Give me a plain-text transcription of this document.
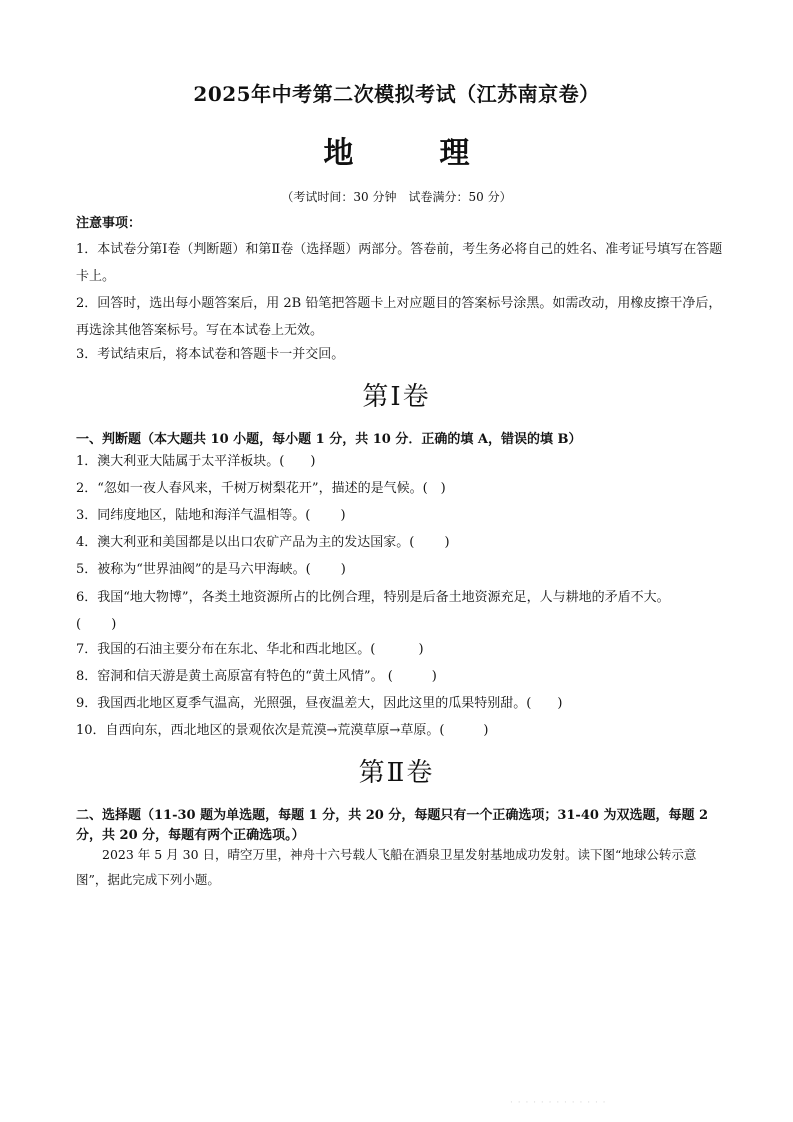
2025年中考第二次模拟考试（江苏南京卷）
地　理
（考试时间：30 分钟　试卷满分：50 分）
注意事项：
1．本试卷分第Ⅰ卷（判断题）和第Ⅱ卷（选择题）两部分。答卷前，考生务必将自己的姓名、准考证号填写在答题卡上。
2．回答时，选出每小题答案后，用 2B 铅笔把答题卡上对应题目的答案标号涂黑。如需改动，用橡皮擦干净后，再选涂其他答案标号。写在本试卷上无效。
3．考试结束后，将本试卷和答题卡一并交回。
第Ⅰ卷
一、判断题（本大题共 10 小题，每小题 1 分，共 10 分．正确的填 A，错误的填 B）
1．澳大利亚大陆属于太平洋板块。(　　)
2．“忽如一夜人春风来，千树万树梨花开”，描述的是气候。(　)
3．同纬度地区，陆地和海洋气温相等。(　　 )
4．澳大利亚和美国都是以出口农矿产品为主的发达国家。(　　 )
5．被称为“世界油阀”的是马六甲海峡。(　　 )
6．我国“地大物博”，各类土地资源所占的比例合理，特别是后备土地资源充足，人与耕地的矛盾不大。
(　　 )
7．我国的石油主要分布在东北、华北和西北地区。(　　 　)
8．窑洞和信天游是黄土高原富有特色的“黄土风情”。 (　　　)
9．我国西北地区夏季气温高，光照强，昼夜温差大，因此这里的瓜果特别甜。(　　)
10．自西向东，西北地区的景观依次是荒漠→荒漠草原→草原。(　　　)
第Ⅱ卷
二、选择题（11-30 题为单选题，每题 1 分，共 20 分，每题只有一个正确选项；31-40 为双选题，每题 2 分，共 20 分，每题有两个正确选项。）
2023 年 5 月 30 日，晴空万里，神舟十六号载人飞船在酒泉卫星发射基地成功发射。读下图“地球公转示意图”，据此完成下列小题。
· · · · · · · · · · · · ·
